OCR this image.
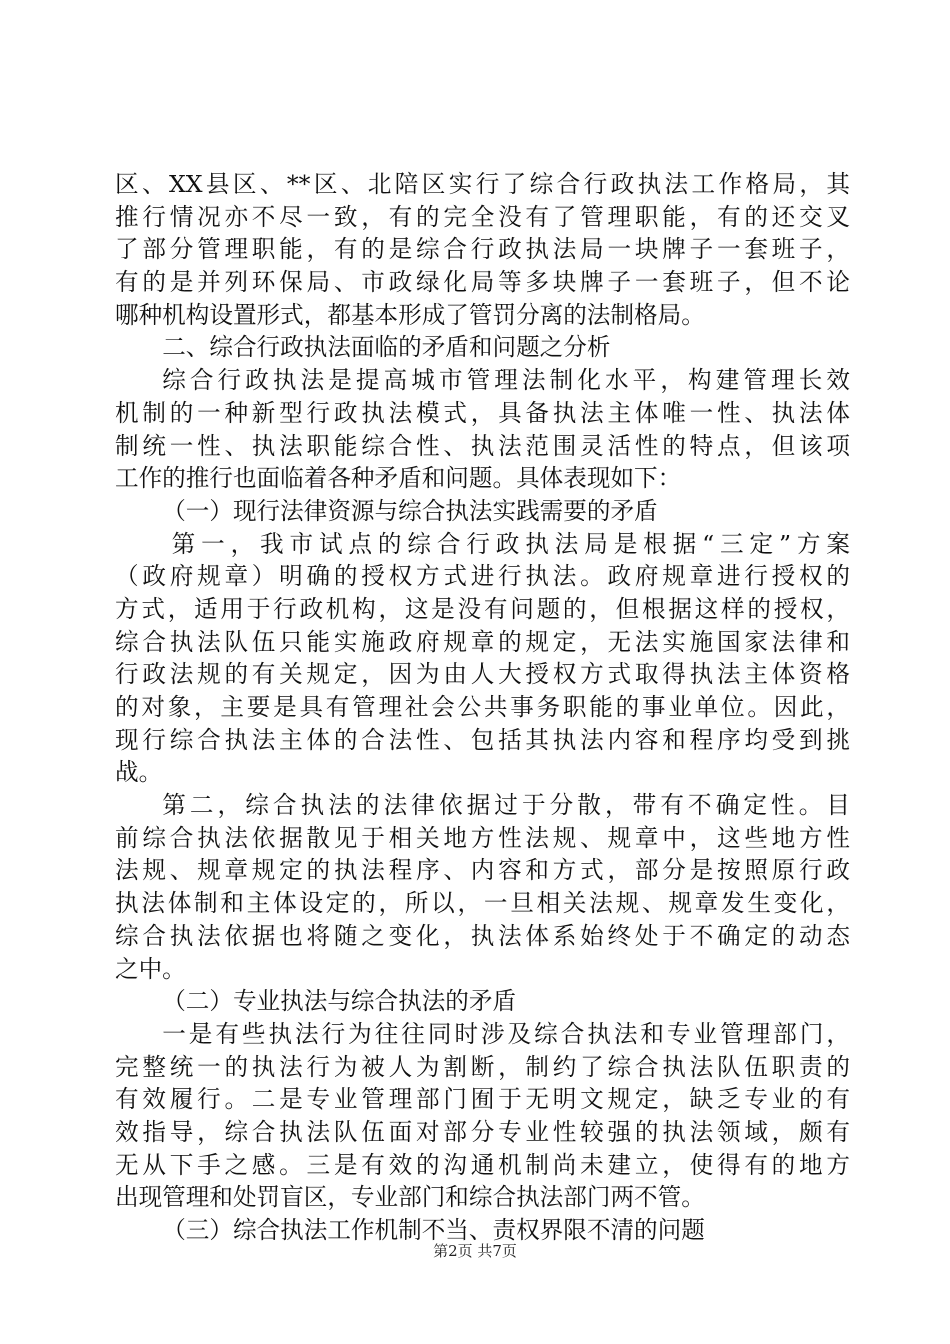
区、XX县区、**区、北陪区实行了综合行政执法工作格局，其
推行情况亦不尽一致，有的完全没有了管理职能，有的还交叉
了部分管理职能，有的是综合行政执法局一块牌子一套班子，
有的是并列环保局、市政绿化局等多块牌子一套班子，但不论
哪种机构设置形式，都基本形成了管罚分离的法制格局。
二、综合行政执法面临的矛盾和问题之分析
综合行政执法是提高城市管理法制化水平，构建管理长效
机制的一种新型行政执法模式，具备执法主体唯一性、执法体
制统一性、执法职能综合性、执法范围灵活性的特点，但该项
工作的推行也面临着各种矛盾和问题。具体表现如下：
（一）现行法律资源与综合执法实践需要的矛盾
第一，我市试点的综合行政执法局是根据“三定”方案
（政府规章）明确的授权方式进行执法。政府规章进行授权的
方式，适用于行政机构，这是没有问题的，但根据这样的授权，
综合执法队伍只能实施政府规章的规定，无法实施国家法律和
行政法规的有关规定，因为由人大授权方式取得执法主体资格
的对象，主要是具有管理社会公共事务职能的事业单位。因此，
现行综合执法主体的合法性、包括其执法内容和程序均受到挑
战。
第二，综合执法的法律依据过于分散，带有不确定性。目
前综合执法依据散见于相关地方性法规、规章中，这些地方性
法规、规章规定的执法程序、内容和方式，部分是按照原行政
执法体制和主体设定的，所以，一旦相关法规、规章发生变化，
综合执法依据也将随之变化，执法体系始终处于不确定的动态
之中。
（二）专业执法与综合执法的矛盾
一是有些执法行为往往同时涉及综合执法和专业管理部门，
完整统一的执法行为被人为割断，制约了综合执法队伍职责的
有效履行。二是专业管理部门囿于无明文规定，缺乏专业的有
效指导，综合执法队伍面对部分专业性较强的执法领域，颇有
无从下手之感。三是有效的沟通机制尚未建立，使得有的地方
出现管理和处罚盲区，专业部门和综合执法部门两不管。
（三）综合执法工作机制不当、责权界限不清的问题
第2页 共7页
